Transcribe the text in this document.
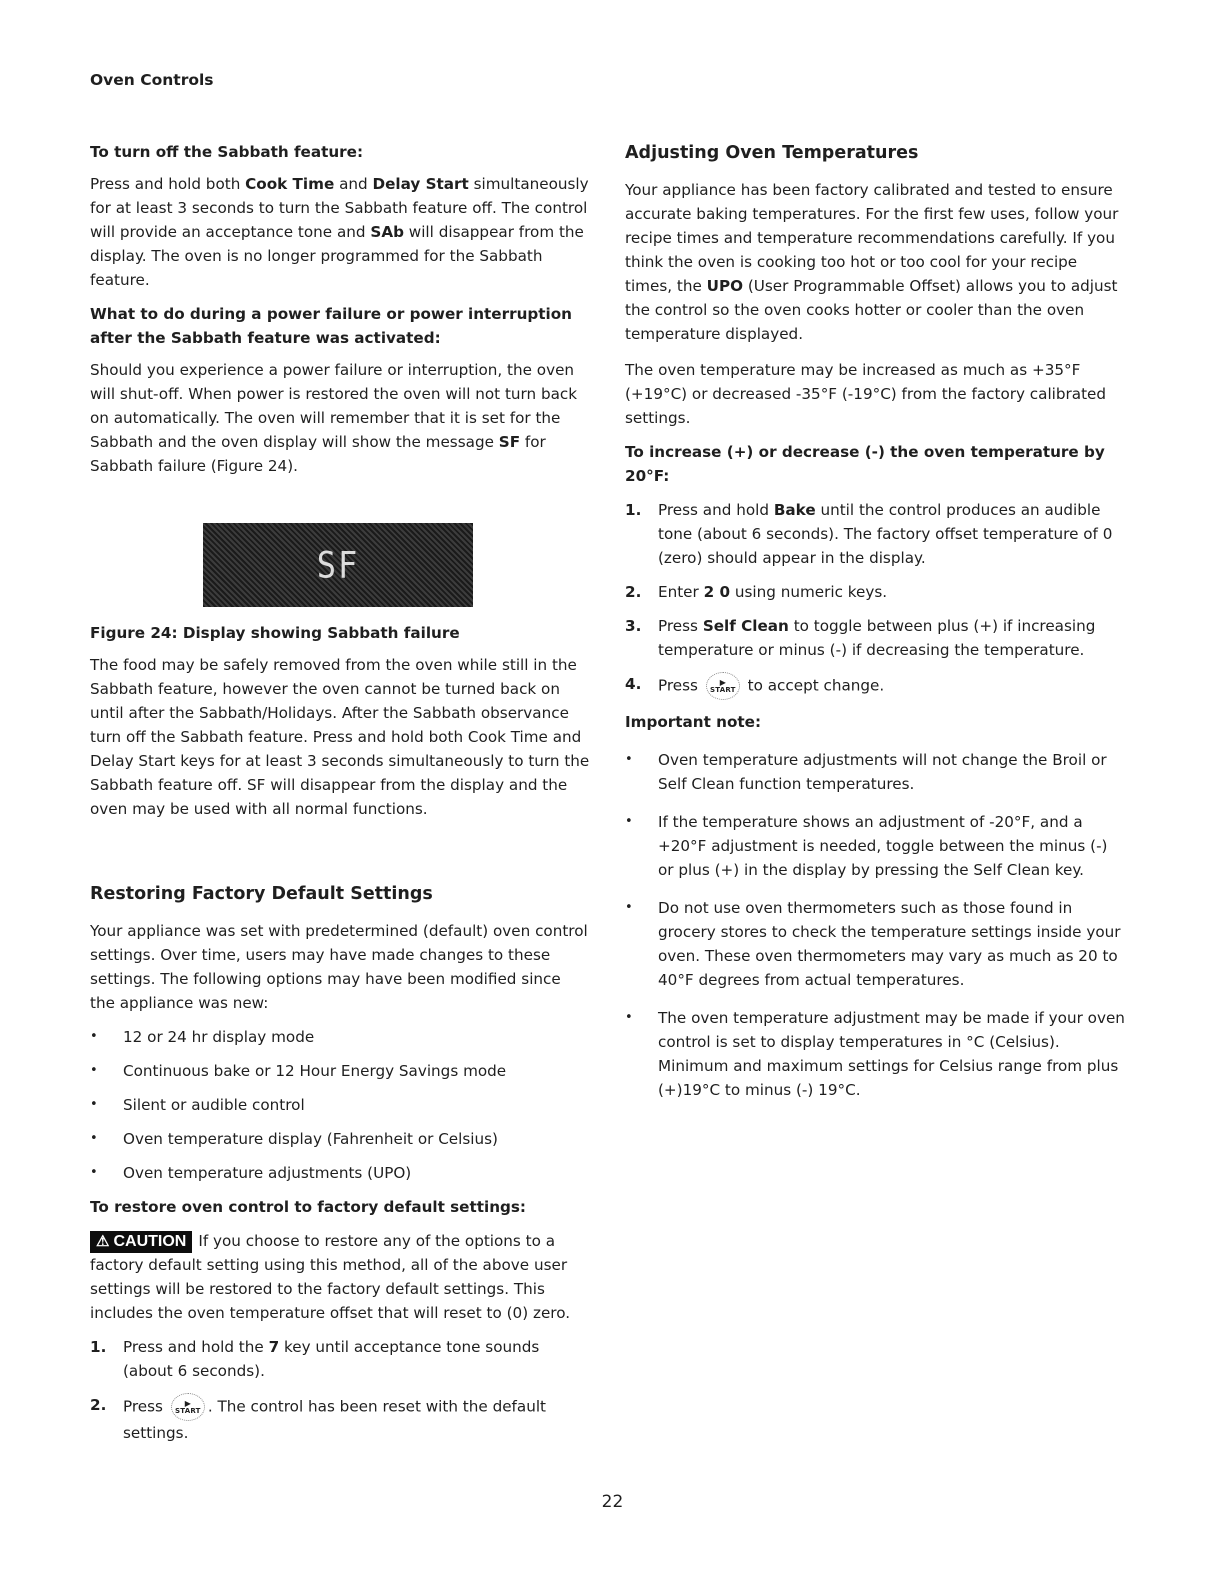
Oven Controls

To turn off the Sabbath feature:

Press and hold both Cook Time and Delay Start simultaneously for at least 3 seconds to turn the Sabbath feature off. The control will provide an acceptance tone and SAb will disappear from the display. The oven is no longer programmed for the Sabbath feature.

What to do during a power failure or power interruption after the Sabbath feature was activated:

Should you experience a power failure or interruption, the oven will shut-off. When power is restored the oven will not turn back on automatically. The oven will remember that it is set for the Sabbath and the oven display will show the message SF for Sabbath failure (Figure 24).

SF

Figure 24: Display showing Sabbath failure

The food may be safely removed from the oven while still in the Sabbath feature, however the oven cannot be turned back on until after the Sabbath/Holidays. After the Sabbath observance turn off the Sabbath feature. Press and hold both Cook Time and Delay Start keys for at least 3 seconds simultaneously to turn the Sabbath feature off. SF will disappear from the display and the oven may be used with all normal functions.

Restoring Factory Default Settings

Your appliance was set with predetermined (default) oven control settings. Over time, users may have made changes to these settings. The following options may have been modified since the appliance was new:

• 12 or 24 hr display mode
• Continuous bake or 12 Hour Energy Savings mode
• Silent or audible control
• Oven temperature display (Fahrenheit or Celsius)
• Oven temperature adjustments (UPO)

To restore oven control to factory default settings:

⚠ CAUTION If you choose to restore any of the options to a factory default setting using this method, all of the above user settings will be restored to the factory default settings. This includes the oven temperature offset that will reset to (0) zero.

1. Press and hold the 7 key until acceptance tone sounds (about 6 seconds).
2. Press ▶
START . The control has been reset with the default settings.
Adjusting Oven Temperatures

Your appliance has been factory calibrated and tested to ensure accurate baking temperatures. For the first few uses, follow your recipe times and temperature recommendations carefully. If you think the oven is cooking too hot or too cool for your recipe times, the UPO (User Programmable Offset) allows you to adjust the control so the oven cooks hotter or cooler than the oven temperature displayed.

The oven temperature may be increased as much as +35°F (+19°C) or decreased -35°F (-19°C) from the factory calibrated settings.

To increase (+) or decrease (-) the oven temperature by 20°F:

1. Press and hold Bake until the control produces an audible tone (about 6 seconds). The factory offset temperature of 0 (zero) should appear in the display.
2. Enter 2 0 using numeric keys.
3. Press Self Clean to toggle between plus (+) if increasing temperature or minus (-) if decreasing the temperature.
4. Press ▶
START to accept change.

Important note:

• Oven temperature adjustments will not change the Broil or Self Clean function temperatures.
• If the temperature shows an adjustment of -20°F, and a +20°F adjustment is needed, toggle between the minus (-) or plus (+) in the display by pressing the Self Clean key.
• Do not use oven thermometers such as those found in grocery stores to check the temperature settings inside your oven. These oven thermometers may vary as much as 20 to 40°F degrees from actual temperatures.
• The oven temperature adjustment may be made if your oven control is set to display temperatures in °C (Celsius). Minimum and maximum settings for Celsius range from plus (+)19°C to minus (-) 19°C.
22
